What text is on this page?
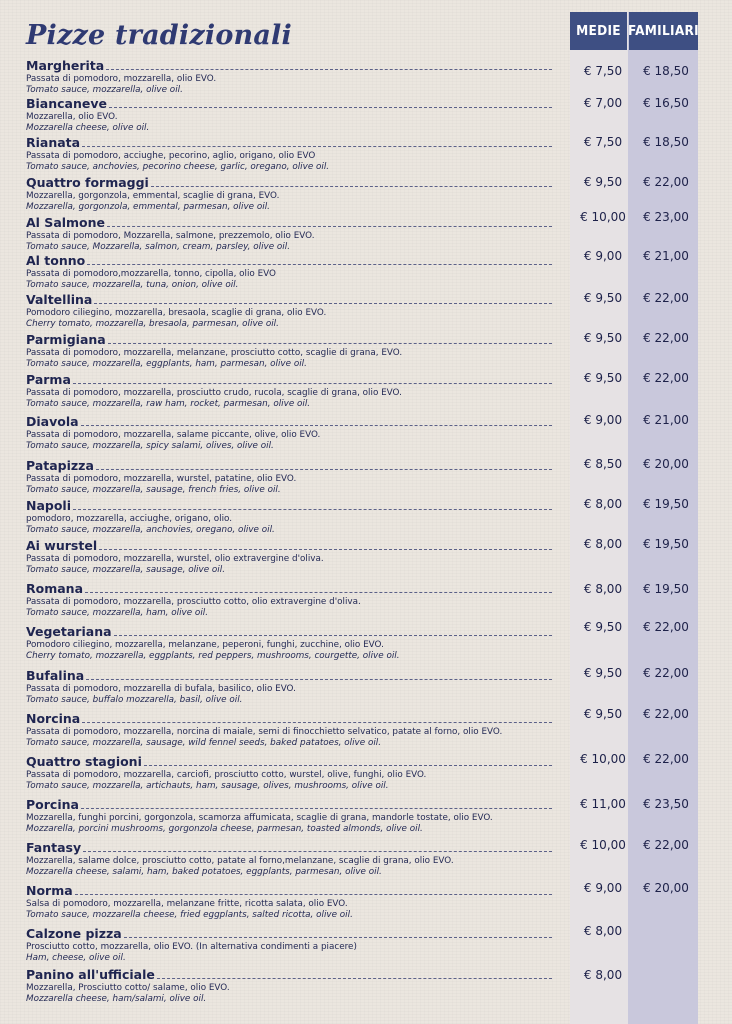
MEDIE FAMILIARI
Pizze tradizionali
Margherita
Passata di pomodoro, mozzarella, olio EVO.
Tomato sauce, mozzarella, olive oil.
€ 7,50	€ 18,50
Biancaneve
Mozzarella, olio EVO.
Mozzarella cheese, olive oil.
€ 7,00	€ 16,50
Rianata
Passata di pomodoro, acciughe, pecorino, aglio, origano, olio EVO
Tomato sauce, anchovies, pecorino cheese, garlic, oregano, olive oil.
€ 7,50	€ 18,50
Quattro formaggi
Mozzarella, gorgonzola, emmental, scaglie di grana, EVO.
Mozzarella, gorgonzola, emmental, parmesan, olive oil.
€ 9,50	€ 22,00
Al Salmone
Passata di pomodoro, Mozzarella, salmone, prezzemolo, olio EVO.
Tomato sauce, Mozzarella, salmon, cream, parsley, olive oil.
€ 10,00	€ 23,00
Al tonno
Passata di pomodoro,mozzarella, tonno, cipolla, olio EVO
Tomato sauce, mozzarella, tuna, onion, olive oil.
€ 9,00	€ 21,00
Valtellina
Pomodoro ciliegino, mozzarella, bresaola, scaglie di grana, olio EVO.
Cherry tomato, mozzarella, bresaola, parmesan, olive oil.
€ 9,50	€ 22,00
Parmigiana
Passata di pomodoro, mozzarella, melanzane, prosciutto cotto, scaglie di grana, EVO.
Tomato sauce, mozzarella, eggplants, ham, parmesan, olive oil.
€ 9,50	€ 22,00
Parma
Passata di pomodoro, mozzarella, prosciutto crudo, rucola, scaglie di grana, olio EVO.
Tomato sauce, mozzarella, raw ham, rocket, parmesan, olive oil.
€ 9,50	€ 22,00
Diavola
Passata di pomodoro, mozzarella, salame piccante, olive, olio EVO.
Tomato sauce, mozzarella, spicy salami, olives, olive oil.
€ 9,00	€ 21,00
Patapizza
Passata di pomodoro, mozzarella, wurstel, patatine, olio EVO.
Tomato sauce, mozzarella, sausage, french fries, olive oil.
€ 8,50	€ 20,00
Napoli
pomodoro, mozzarella, acciughe, origano, olio.
Tomato sauce, mozzarella, anchovies, oregano, olive oil.
€ 8,00	€ 19,50
Ai wurstel
Passata di pomodoro, mozzarella, wurstel, olio extravergine d'oliva.
Tomato sauce, mozzarella, sausage, olive oil.
€ 8,00	€ 19,50
Romana
Passata di pomodoro, mozzarella, prosciutto cotto, olio extravergine d'oliva.
Tomato sauce, mozzarella, ham, olive oil.
€ 8,00	€ 19,50
Vegetariana
Pomodoro ciliegino, mozzarella, melanzane, peperoni, funghi, zucchine, olio EVO.
Cherry tomato, mozzarella, eggplants, red peppers, mushrooms, courgette, olive oil.
€ 9,50	€ 22,00
Bufalina
Passata di pomodoro, mozzarella di bufala, basilico, olio EVO.
Tomato sauce, buffalo mozzarella, basil, olive oil.
€ 9,50	€ 22,00
Norcina
Passata di pomodoro, mozzarella, norcina di maiale, semi di finocchietto selvatico, patate al forno, olio EVO.
Tomato sauce, mozzarella, sausage, wild fennel seeds, baked patatoes, olive oil.
€ 9,50	€ 22,00
Quattro stagioni
Passata di pomodoro, mozzarella, carciofi, prosciutto cotto, wurstel, olive, funghi, olio EVO.
Tomato sauce, mozzarella, artichauts, ham, sausage, olives, mushrooms, olive oil.
€ 10,00	€ 22,00
Porcina
Mozzarella, funghi porcini, gorgonzola, scamorza affumicata, scaglie di grana, mandorle tostate, olio EVO.
Mozzarella, porcini mushrooms, gorgonzola cheese, parmesan, toasted almonds, olive oil.
€ 11,00	€ 23,50
Fantasy
Mozzarella, salame dolce, prosciutto cotto, patate al forno,melanzane, scaglie di grana, olio EVO.
Mozzarella cheese, salami, ham, baked potatoes, eggplants, parmesan, olive oil.
€ 10,00	€ 22,00
Norma
Salsa di pomodoro, mozzarella, melanzane fritte, ricotta salata, olio EVO.
Tomato sauce, mozzarella cheese, fried eggplants, salted ricotta, olive oil.
€ 9,00	€ 20,00
Calzone pizza
Prosciutto cotto, mozzarella, olio EVO. (In alternativa condimenti a piacere)
Ham, cheese, olive oil.
€ 8,00
Panino all'ufficiale
Mozzarella, Prosciutto cotto/ salame, olio EVO.
Mozzarella cheese, ham/salami, olive oil.
€ 8,00
